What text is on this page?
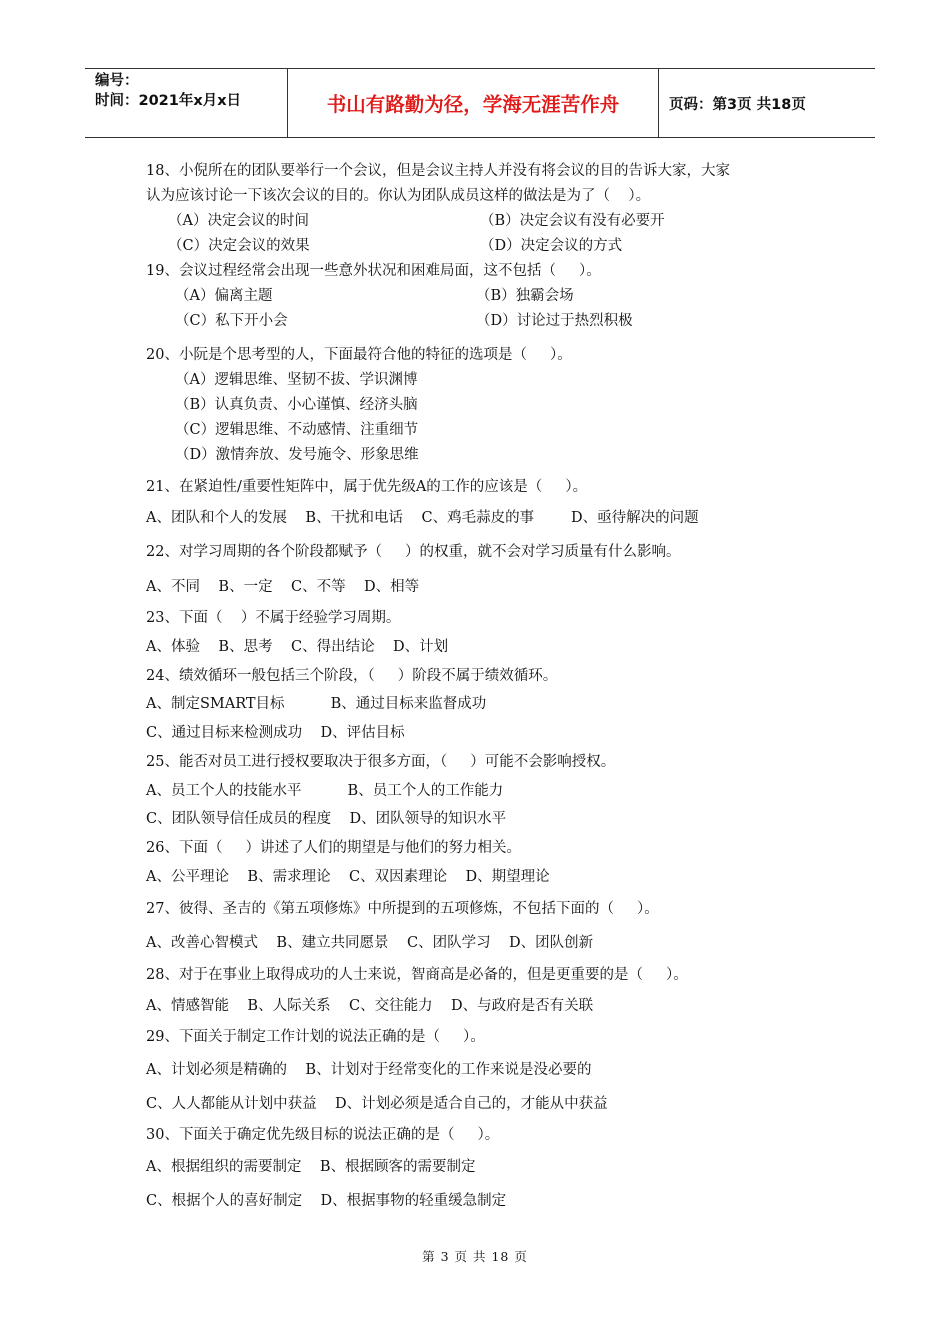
编号：
时间：2021年x月x日	书山有路勤为径，学海无涯苦作舟	页码：第3页 共18页
18、小倪所在的团队要举行一个会议，但是会议主持人并没有将会议的目的告诉大家，大家
认为应该讨论一下该次会议的目的。你认为团队成员这样的做法是为了（    ）。
（A）决定会议的时间	（B）决定会议有没有必要开
（C）决定会议的效果	（D）决定会议的方式
19、会议过程经常会出现一些意外状况和困难局面，这不包括（     ）。
（A）偏离主题	（B）独霸会场
（C）私下开小会	（D）讨论过于热烈积极
20、小阮是个思考型的人，下面最符合他的特征的选项是（     ）。
（A）逻辑思维、坚韧不拔、学识渊博
（B）认真负责、小心谨慎、经济头脑
（C）逻辑思维、不动感情、注重细节
（D）激情奔放、发号施令、形象思维
21、在紧迫性/重要性矩阵中，属于优先级A的工作的应该是（     ）。
A、团队和个人的发展    B、干扰和电话    C、鸡毛蒜皮的事        D、亟待解决的问题
22、对学习周期的各个阶段都赋予（     ）的权重，就不会对学习质量有什么影响。
A、不同    B、一定    C、不等    D、相等
23、下面（    ）不属于经验学习周期。
A、体验    B、思考    C、得出结论    D、计划
24、绩效循环一般包括三个阶段，（     ）阶段不属于绩效循环。
A、制定SMART目标          B、通过目标来监督成功
C、通过目标来检测成功    D、评估目标
25、能否对员工进行授权要取决于很多方面，（     ）可能不会影响授权。
A、员工个人的技能水平          B、员工个人的工作能力
C、团队领导信任成员的程度    D、团队领导的知识水平
26、下面（     ）讲述了人们的期望是与他们的努力相关。
A、公平理论    B、需求理论    C、双因素理论    D、期望理论
27、彼得、圣吉的《第五项修炼》中所提到的五项修炼，不包括下面的（     ）。
A、改善心智模式    B、建立共同愿景    C、团队学习    D、团队创新
28、对于在事业上取得成功的人士来说，智商高是必备的，但是更重要的是（     ）。
A、情感智能    B、人际关系    C、交往能力    D、与政府是否有关联
29、下面关于制定工作计划的说法正确的是（     ）。
A、计划必须是精确的    B、计划对于经常变化的工作来说是没必要的
C、人人都能从计划中获益    D、计划必须是适合自己的，才能从中获益
30、下面关于确定优先级目标的说法正确的是（     ）。
A、根据组织的需要制定    B、根据顾客的需要制定
C、根据个人的喜好制定    D、根据事物的轻重缓急制定
第 3 页 共 18 页
